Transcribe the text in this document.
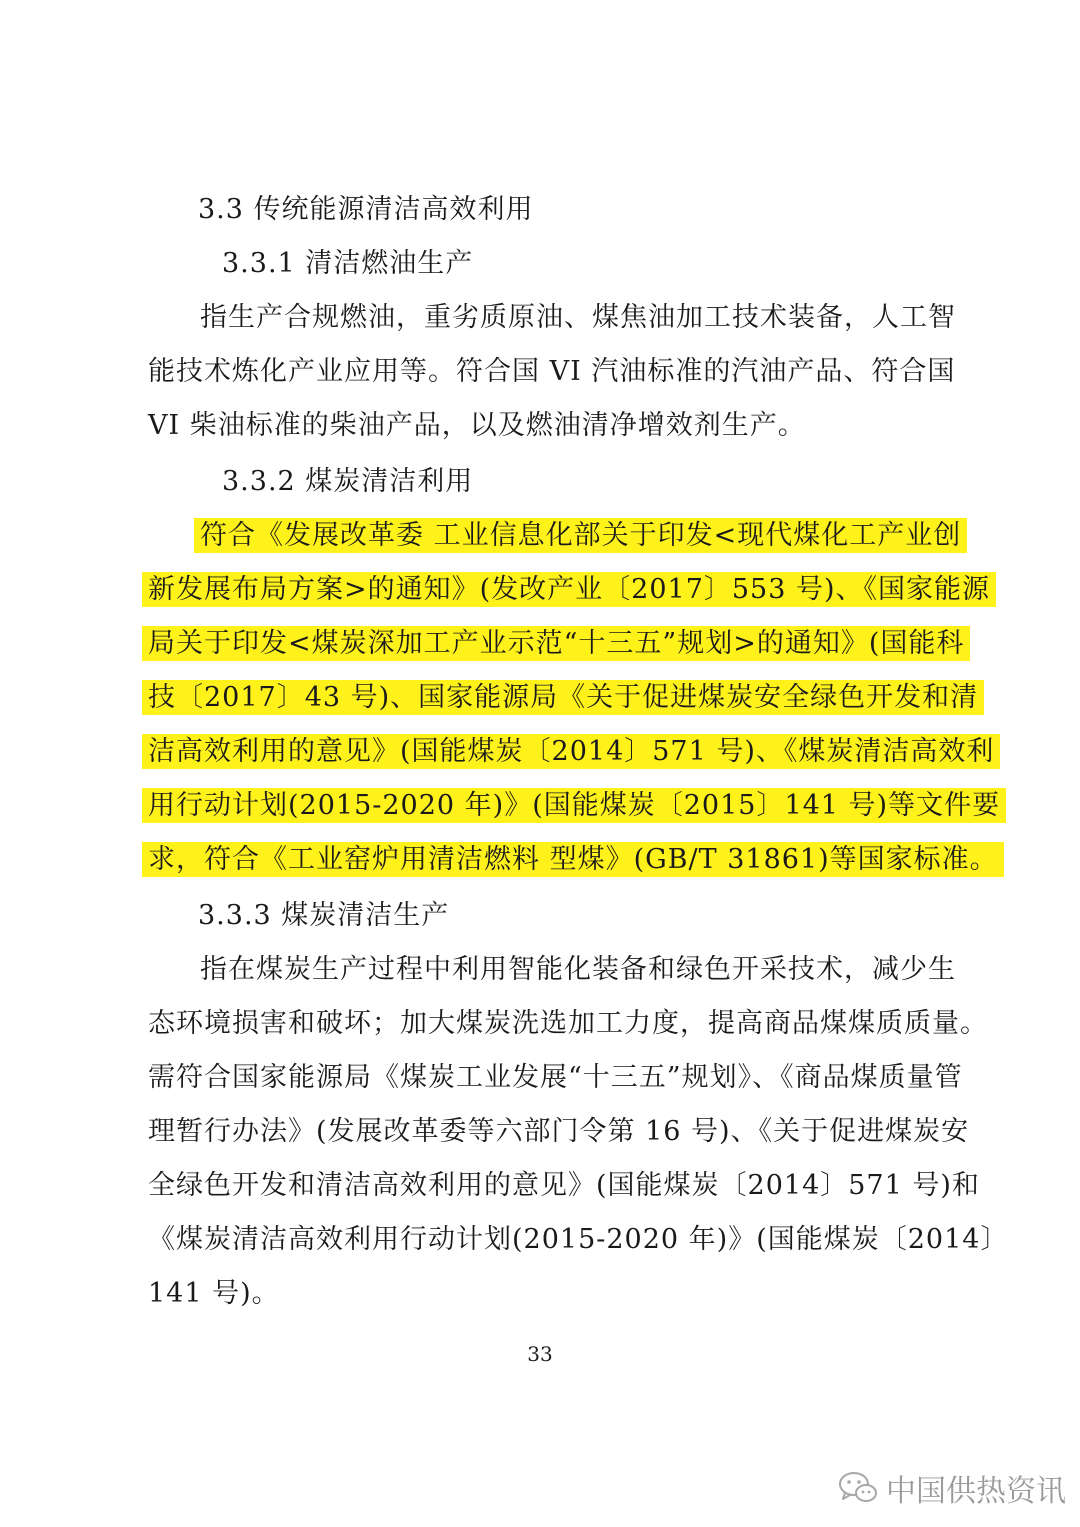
3.3 传统能源清洁高效利用
3.3.1 清洁燃油生产
指生产合规燃油，重劣质原油、煤焦油加工技术装备，人工智
能技术炼化产业应用等。符合国 VI 汽油标准的汽油产品、符合国
VI 柴油标准的柴油产品，以及燃油清净增效剂生产。
3.3.2 煤炭清洁利用
符合《发展改革委 工业信息化部关于印发<现代煤化工产业创
新发展布局方案>的通知》(发改产业〔2017〕553 号)、《国家能源
局关于印发<煤炭深加工产业示范“十三五”规划>的通知》(国能科
技〔2017〕43 号)、国家能源局《关于促进煤炭安全绿色开发和清
洁高效利用的意见》(国能煤炭〔2014〕571 号)、《煤炭清洁高效利
用行动计划(2015-2020 年)》(国能煤炭〔2015〕141 号)等文件要
求，符合《工业窑炉用清洁燃料 型煤》(GB/T 31861)等国家标准。
3.3.3 煤炭清洁生产
指在煤炭生产过程中利用智能化装备和绿色开采技术，减少生
态环境损害和破坏；加大煤炭洗选加工力度，提高商品煤煤质质量。
需符合国家能源局《煤炭工业发展“十三五”规划》、《商品煤质量管
理暂行办法》(发展改革委等六部门令第 16 号)、《关于促进煤炭安
全绿色开发和清洁高效利用的意见》(国能煤炭〔2014〕571 号)和
《煤炭清洁高效利用行动计划(2015-2020 年)》(国能煤炭〔2014〕
141 号)。
33
中国供热资讯
